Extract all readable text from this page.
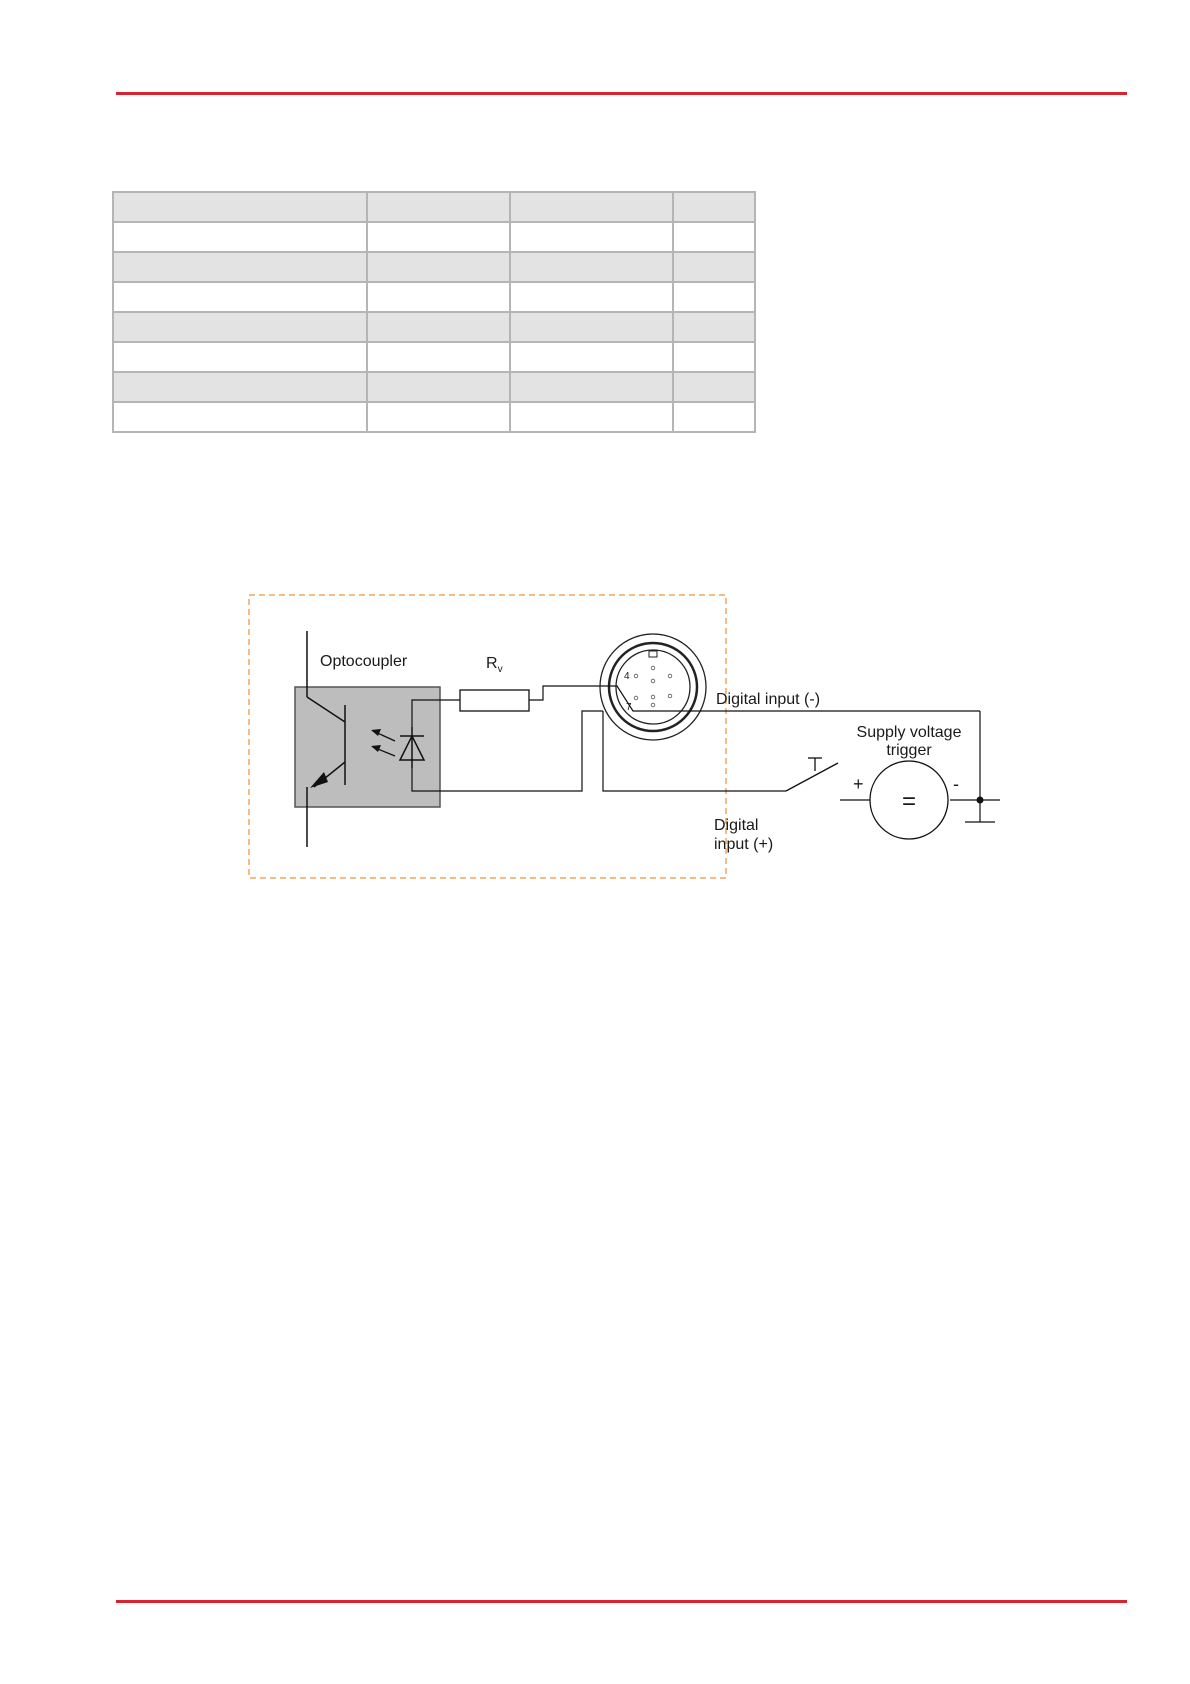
Optocoupler	$R_v$
4
7
=
+	-
Digital input (-)
Supply voltage
trigger
Digital
input (+)
